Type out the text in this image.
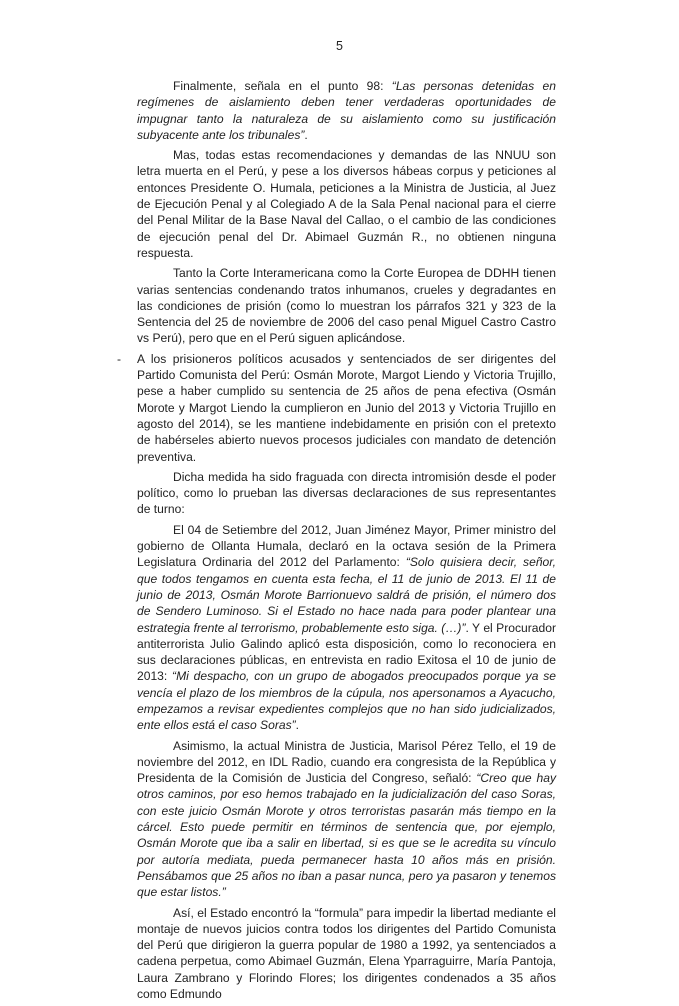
5

Finalmente, señala en el punto 98: “Las personas detenidas en regímenes de aislamiento deben tener verdaderas oportunidades de impugnar tanto la naturaleza de su aislamiento como su justificación subyacente ante los tribunales”.

Mas, todas estas recomendaciones y demandas de las NNUU son letra muerta en el Perú, y pese a los diversos hábeas corpus y peticiones al entonces Presidente O. Humala, peticiones a la Ministra de Justicia, al Juez de Ejecución Penal y al Colegiado A de la Sala Penal nacional para el cierre del Penal Militar de la Base Naval del Callao, o el cambio de las condiciones de ejecución penal del Dr. Abimael Guzmán R., no obtienen ninguna respuesta.

Tanto la Corte Interamericana como la Corte Europea de DDHH tienen varias sentencias condenando tratos inhumanos, crueles y degradantes en las condiciones de prisión (como lo muestran los párrafos 321 y 323 de la Sentencia del 25 de noviembre de 2006 del caso penal Miguel Castro Castro vs Perú), pero que en el Perú siguen aplicándose.

- A los prisioneros políticos acusados y sentenciados de ser dirigentes del Partido Comunista del Perú: Osmán Morote, Margot Liendo y Victoria Trujillo, pese a haber cumplido su sentencia de 25 años de pena efectiva (Osmán Morote y Margot Liendo la cumplieron en Junio del 2013 y Victoria Trujillo en agosto del 2014), se les mantiene indebidamente en prisión con el pretexto de habérseles abierto nuevos procesos judiciales con mandato de detención preventiva.

Dicha medida ha sido fraguada con directa intromisión desde el poder político, como lo prueban las diversas declaraciones de sus representantes de turno:

El 04 de Setiembre del 2012, Juan Jiménez Mayor, Primer ministro del gobierno de Ollanta Humala, declaró en la octava sesión de la Primera Legislatura Ordinaria del 2012 del Parlamento: “Solo quisiera decir, señor, que todos tengamos en cuenta esta fecha, el 11 de junio de 2013. El 11 de junio de 2013, Osmán Morote Barrionuevo saldrá de prisión, el número dos de Sendero Luminoso. Si el Estado no hace nada para poder plantear una estrategia frente al terrorismo, probablemente esto siga. (…)”. Y el Procurador antiterrorista Julio Galindo aplicó esta disposición, como lo reconociera en sus declaraciones públicas, en entrevista en radio Exitosa el 10 de junio de 2013: “Mi despacho, con un grupo de abogados preocupados porque ya se vencía el plazo de los miembros de la cúpula, nos apersonamos a Ayacucho, empezamos a revisar expedientes complejos que no han sido judicializados, ente ellos está el caso Soras”.

Asimismo, la actual Ministra de Justicia, Marisol Pérez Tello, el 19 de noviembre del 2012, en IDL Radio, cuando era congresista de la República y Presidenta de la Comisión de Justicia del Congreso, señaló: “Creo que hay otros caminos, por eso hemos trabajado en la judicialización del caso Soras, con este juicio Osmán Morote y otros terroristas pasarán más tiempo en la cárcel. Esto puede permitir en términos de sentencia que, por ejemplo, Osmán Morote que iba a salir en libertad, si es que se le acredita su vínculo por autoría mediata, pueda permanecer hasta 10 años más en prisión. Pensábamos que 25 años no iban a pasar nunca, pero ya pasaron y tenemos que estar listos.”

Así, el Estado encontró la “formula” para impedir la libertad mediante el montaje de nuevos juicios contra todos los dirigentes del Partido Comunista del Perú que dirigieron la guerra popular de 1980 a 1992, ya sentenciados a cadena perpetua, como Abimael Guzmán, Elena Yparraguirre, María Pantoja, Laura Zambrano y Florindo Flores; los dirigentes condenados a 35 años como Edmundo
